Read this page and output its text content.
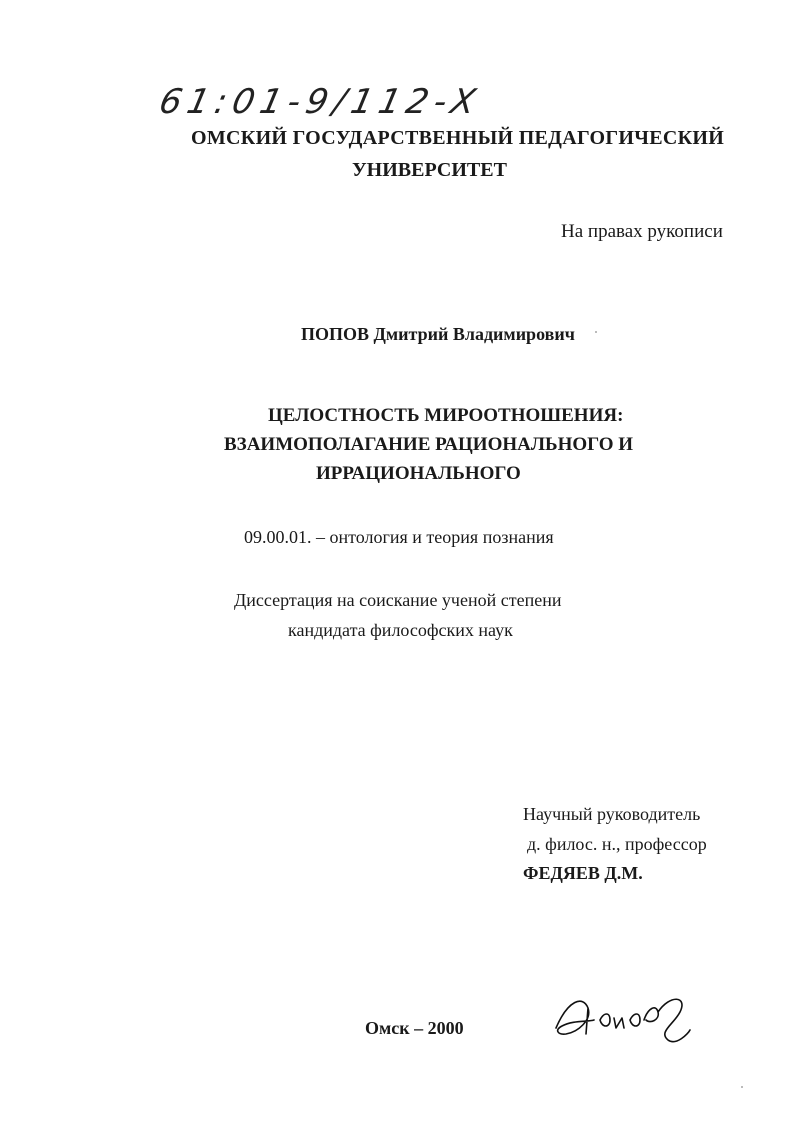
61:01-9/112-X
ОМСКИЙ ГОСУДАРСТВЕННЫЙ ПЕДАГОГИЧЕСКИЙ
УНИВЕРСИТЕТ
На правах рукописи
ПОПОВ Дмитрий Владимирович
ЦЕЛОСТНОСТЬ МИРООТНОШЕНИЯ:
ВЗАИМОПОЛАГАНИЕ РАЦИОНАЛЬНОГО И
ИРРАЦИОНАЛЬНОГО
09.00.01. – онтология и теория познания
Диссертация на соискание ученой степени
кандидата философских наук
Научный руководитель
д. филос. н., профессор
ФЕДЯЕВ Д.М.
Омск – 2000
